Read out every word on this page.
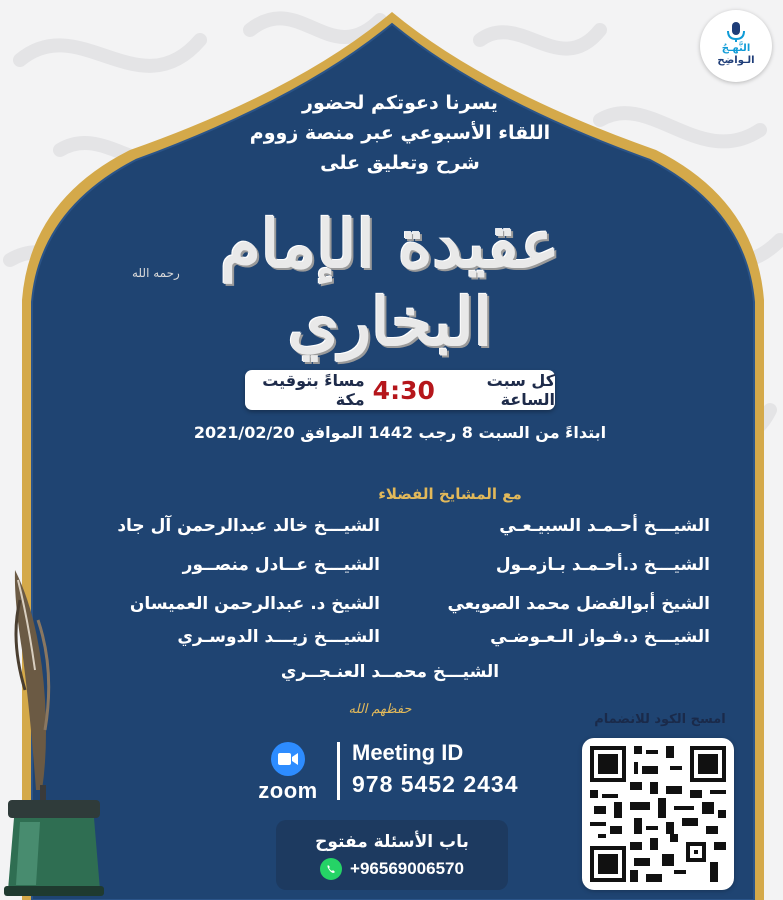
النَّهـجُ
الـواضِح
يسرنا دعوتكم لحضور
اللقاء الأسبوعي عبر منصة زووم
شرح وتعليق على
عقيدة الإمام البخاري
رحمه الله
كل سبت الساعة
4:30
مساءً بتوقيت مكة
ابتداءً من السبت 8 رجب 1442 الموافق 2021/02/20
مع المشايخ الفضلاء
الشيـــخ أحـمـد السبيـعـي
الشيـــخ د.أحـمـد بـازمـول
الشيخ أبوالفضل محمد الصويعي
الشيـــخ د.فـواز الـعـوضـي
الشيـــخ خالد عبدالرحمن آل جاد
الشيـــخ عــادل منصــور
الشيخ د. عبدالرحمن العميسان
الشيـــخ زيـــد الدوسـري
الشيـــخ محمــد العنـجــري
حفظهم الله
zoom
Meeting ID
978 5452 2434
باب الأسئلة مفتوح
+96569006570
امسح الكود للانضمام
